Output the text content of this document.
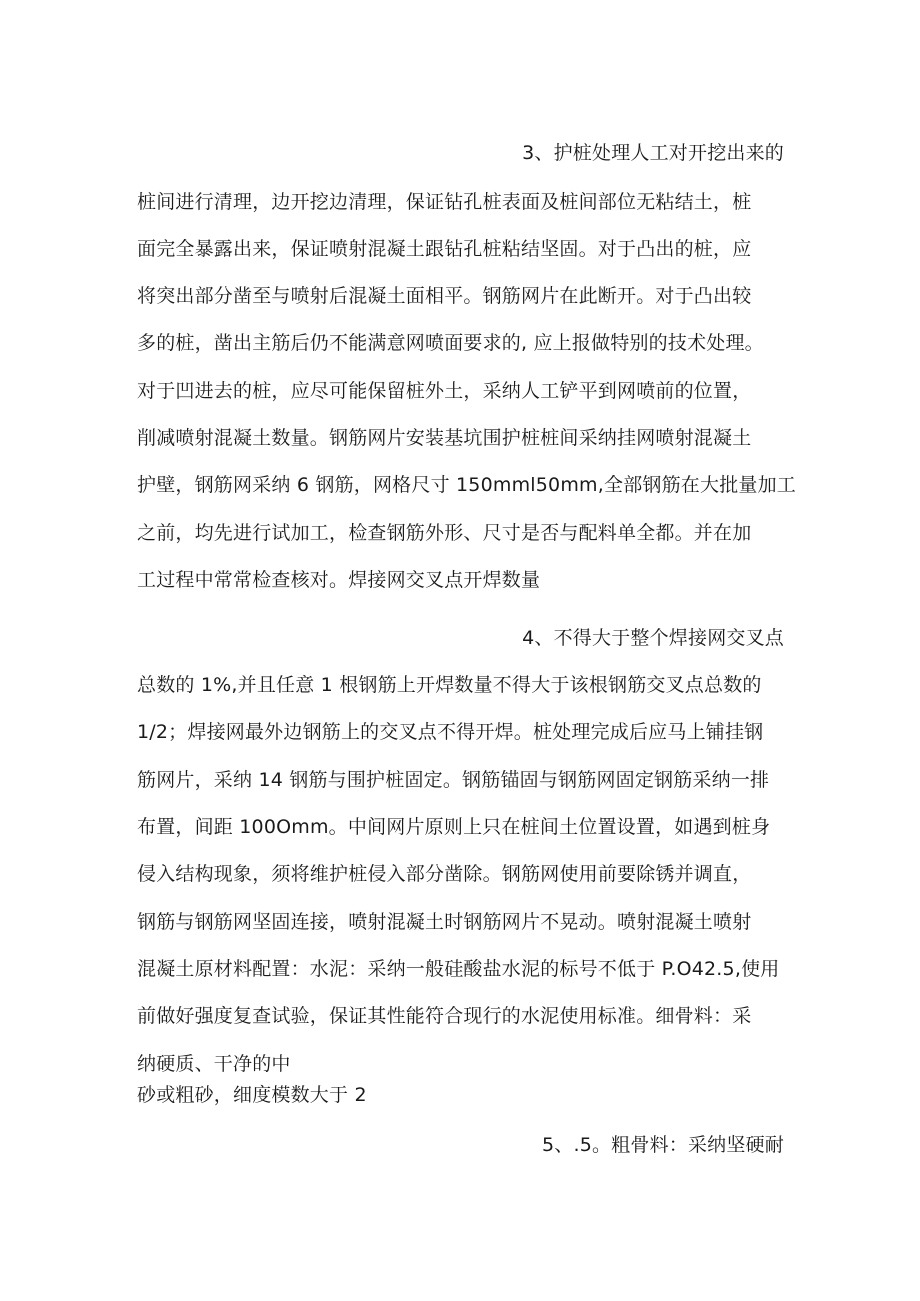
3、护桩处理人工对开挖出来的
桩间进行清理，边开挖边清理，保证钻孔桩表面及桩间部位无粘结土，桩
面完全暴露出来，保证喷射混凝土跟钻孔桩粘结坚固。对于凸出的桩，应
将突出部分凿至与喷射后混凝土面相平。钢筋网片在此断开。对于凸出较
多的桩，凿出主筋后仍不能满意网喷面要求的, 应上报做特别的技术处理。
对于凹进去的桩，应尽可能保留桩外土，采纳人工铲平到网喷前的位置，
削减喷射混凝土数量。钢筋网片安装基坑围护桩桩间采纳挂网喷射混凝土
护壁，钢筋网采纳 6 钢筋，网格尺寸 150mml50mm,全部钢筋在大批量加工
之前，均先进行试加工，检查钢筋外形、尺寸是否与配料单全都。并在加
工过程中常常检查核对。焊接网交叉点开焊数量
4、不得大于整个焊接网交叉点
总数的 1%,并且任意 1 根钢筋上开焊数量不得大于该根钢筋交叉点总数的
1/2；焊接网最外边钢筋上的交叉点不得开焊。桩处理完成后应马上铺挂钢
筋网片，采纳 14 钢筋与围护桩固定。钢筋锚固与钢筋网固定钢筋采纳一排
布置，间距 100Omm。中间网片原则上只在桩间土位置设置，如遇到桩身
侵入结构现象，须将维护桩侵入部分凿除。钢筋网使用前要除锈并调直，
钢筋与钢筋网坚固连接，喷射混凝土时钢筋网片不晃动。喷射混凝土喷射
混凝土原材料配置：水泥：采纳一般硅酸盐水泥的标号不低于 P.O42.5,使用
前做好强度复查试验，保证其性能符合现行的水泥使用标准。细骨料：采
纳硬质、干净的中
砂或粗砂，细度模数大于 2
5、.5。粗骨料：采纳坚硬耐
